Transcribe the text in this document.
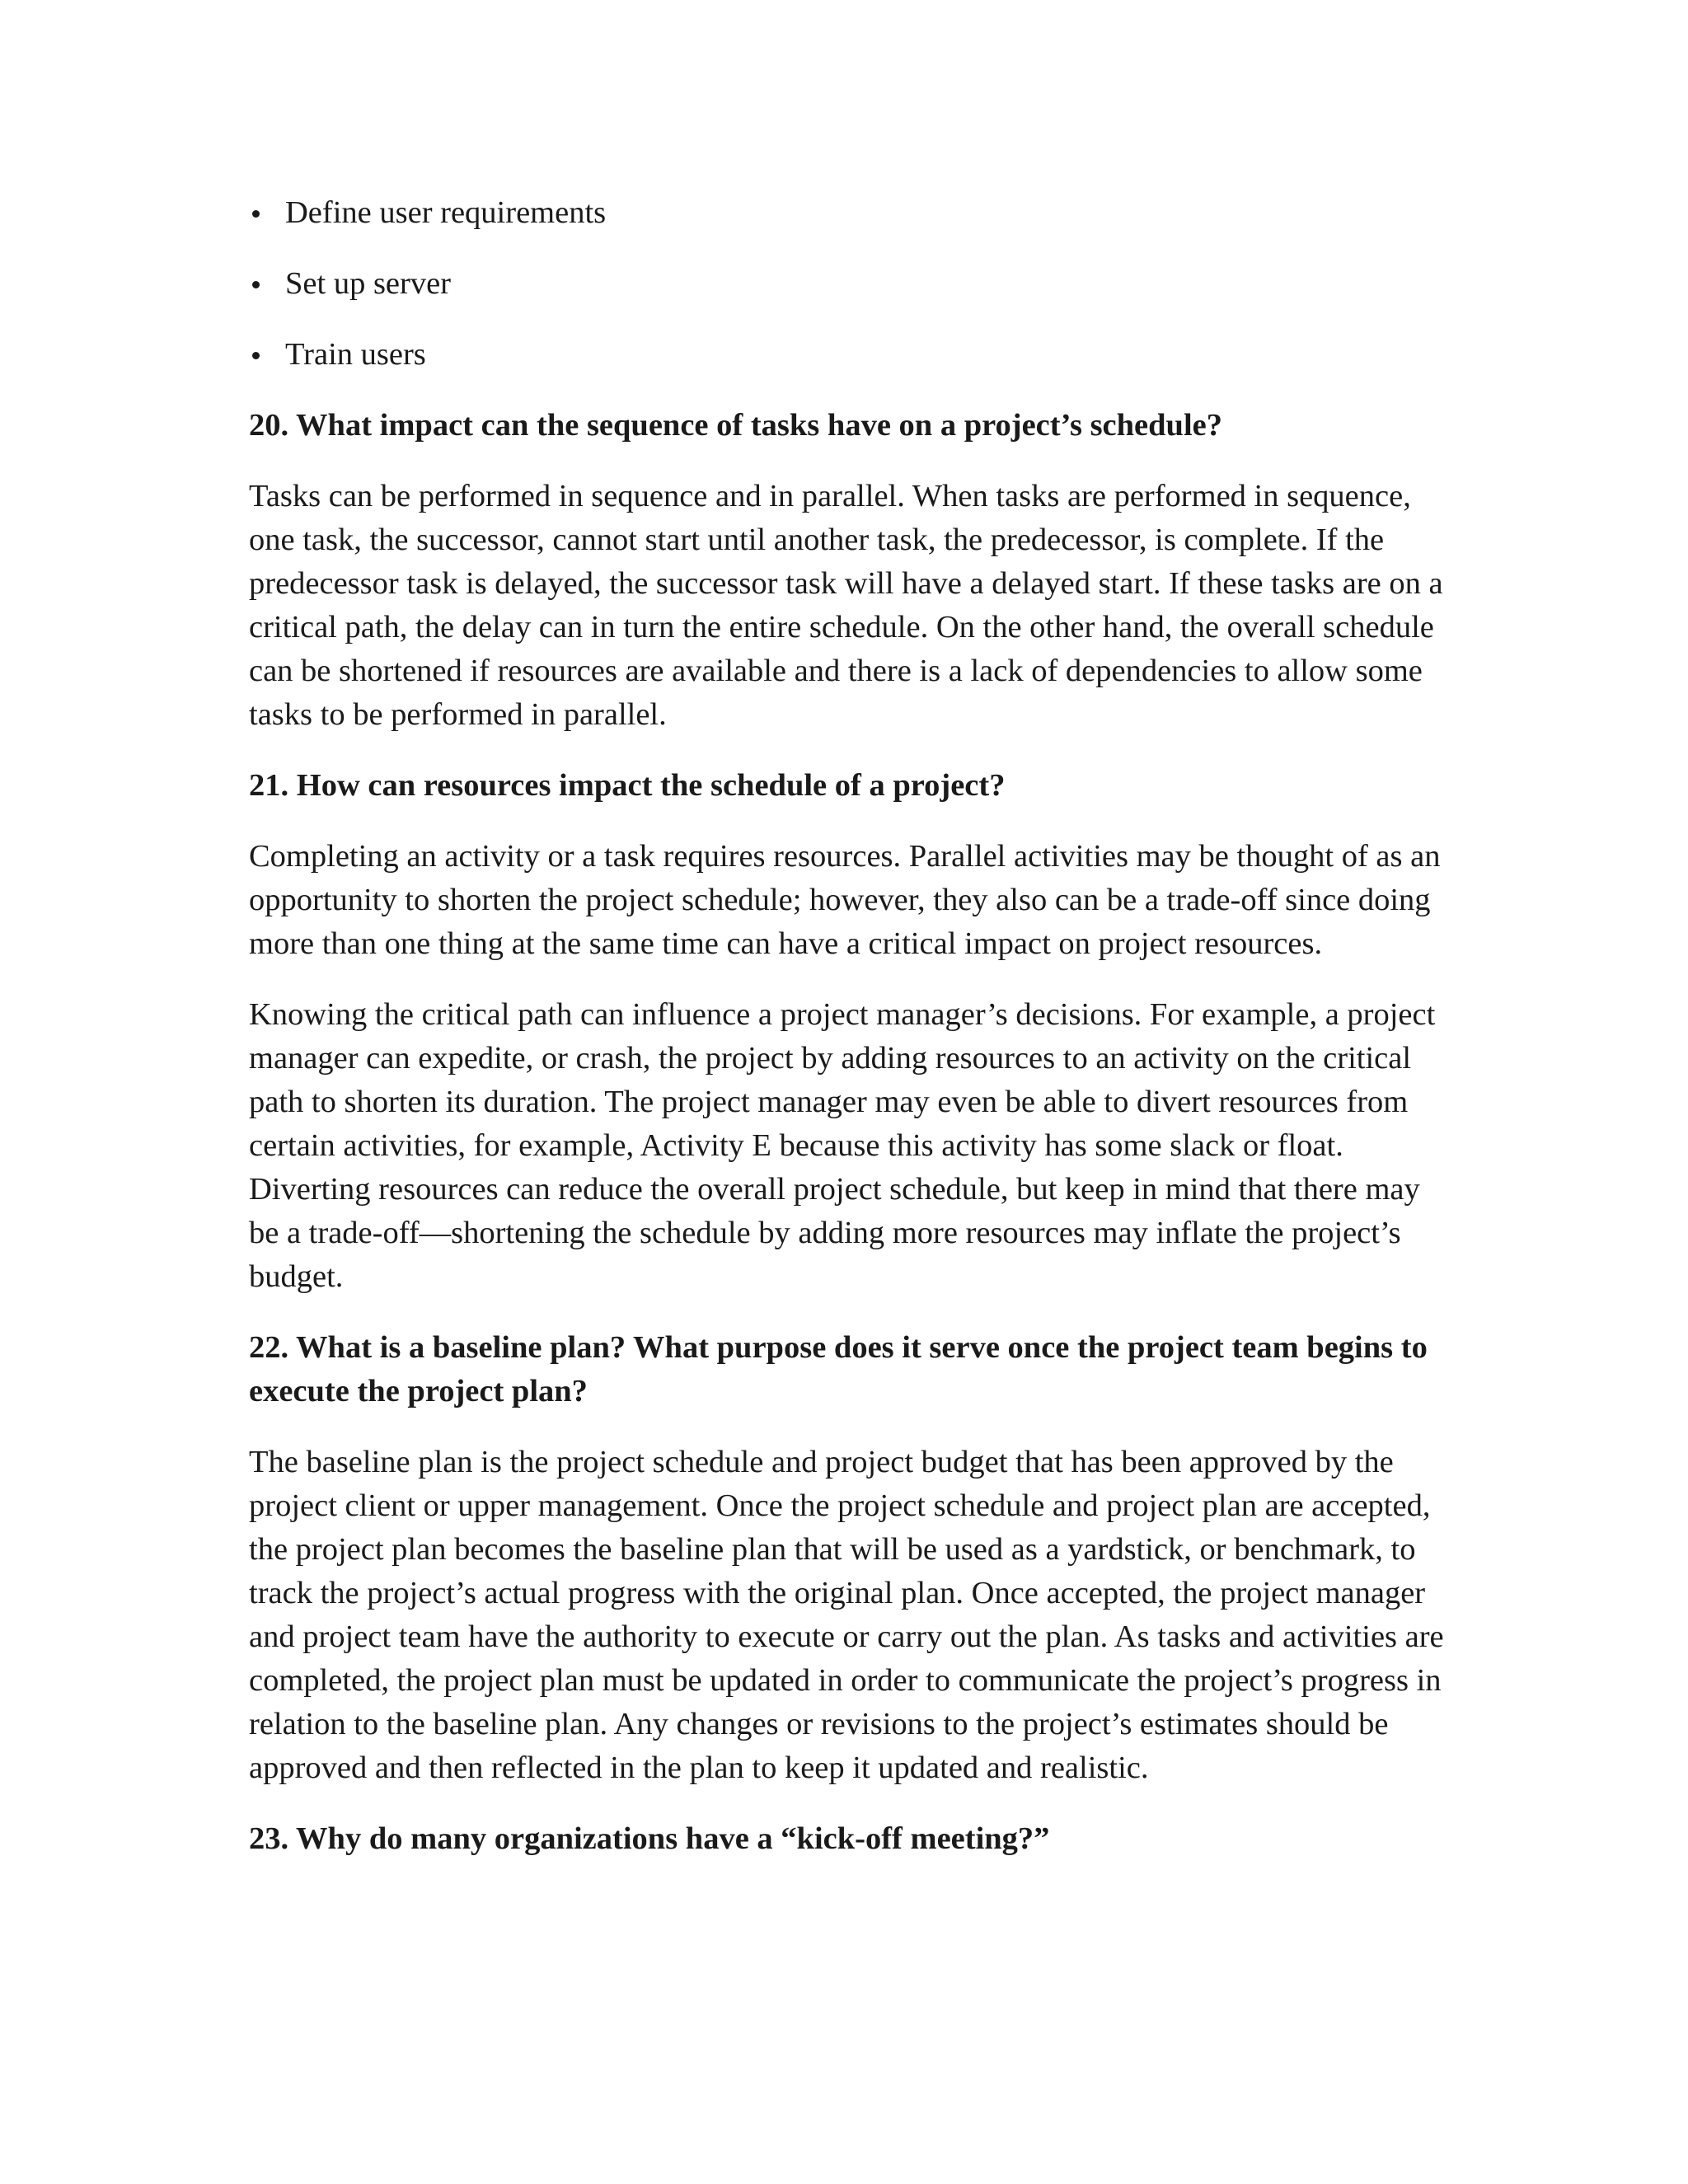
Define user requirements
Set up server
Train users
20. What impact can the sequence of tasks have on a project’s schedule?

Tasks can be performed in sequence and in parallel. When tasks are performed in sequence, one task, the successor, cannot start until another task, the predecessor, is complete. If the predecessor task is delayed, the successor task will have a delayed start. If these tasks are on a critical path, the delay can in turn the entire schedule. On the other hand, the overall schedule can be shortened if resources are available and there is a lack of dependencies to allow some tasks to be performed in parallel.

21. How can resources impact the schedule of a project?

Completing an activity or a task requires resources. Parallel activities may be thought of as an opportunity to shorten the project schedule; however, they also can be a trade-off since doing more than one thing at the same time can have a critical impact on project resources.

Knowing the critical path can influence a project manager’s decisions. For example, a project manager can expedite, or crash, the project by adding resources to an activity on the critical path to shorten its duration. The project manager may even be able to divert resources from certain activities, for example, Activity E because this activity has some slack or float. Diverting resources can reduce the overall project schedule, but keep in mind that there may be a trade-off—shortening the schedule by adding more resources may inflate the project’s budget.

22. What is a baseline plan? What purpose does it serve once the project team begins to execute the project plan?

The baseline plan is the project schedule and project budget that has been approved by the project client or upper management. Once the project schedule and project plan are accepted, the project plan becomes the baseline plan that will be used as a yardstick, or benchmark, to track the project’s actual progress with the original plan. Once accepted, the project manager and project team have the authority to execute or carry out the plan. As tasks and activities are completed, the project plan must be updated in order to communicate the project’s progress in relation to the baseline plan. Any changes or revisions to the project’s estimates should be approved and then reflected in the plan to keep it updated and realistic.

23. Why do many organizations have a “kick-off meeting?”
